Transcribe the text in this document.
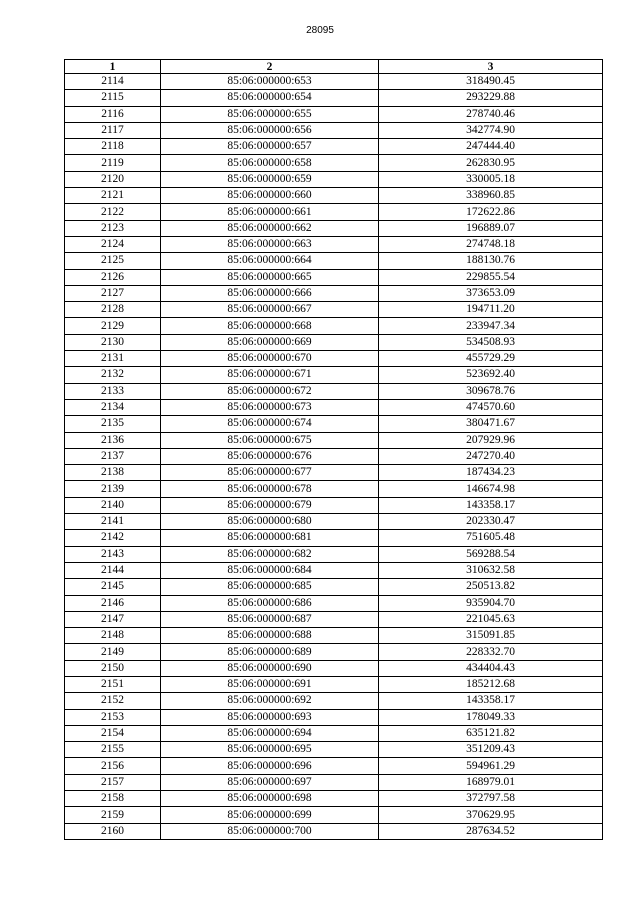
28095
1	2	3
2114	85:06:000000:653	318490.45
2115	85:06:000000:654	293229.88
2116	85:06:000000:655	278740.46
2117	85:06:000000:656	342774.90
2118	85:06:000000:657	247444.40
2119	85:06:000000:658	262830.95
2120	85:06:000000:659	330005.18
2121	85:06:000000:660	338960.85
2122	85:06:000000:661	172622.86
2123	85:06:000000:662	196889.07
2124	85:06:000000:663	274748.18
2125	85:06:000000:664	188130.76
2126	85:06:000000:665	229855.54
2127	85:06:000000:666	373653.09
2128	85:06:000000:667	194711.20
2129	85:06:000000:668	233947.34
2130	85:06:000000:669	534508.93
2131	85:06:000000:670	455729.29
2132	85:06:000000:671	523692.40
2133	85:06:000000:672	309678.76
2134	85:06:000000:673	474570.60
2135	85:06:000000:674	380471.67
2136	85:06:000000:675	207929.96
2137	85:06:000000:676	247270.40
2138	85:06:000000:677	187434.23
2139	85:06:000000:678	146674.98
2140	85:06:000000:679	143358.17
2141	85:06:000000:680	202330.47
2142	85:06:000000:681	751605.48
2143	85:06:000000:682	569288.54
2144	85:06:000000:684	310632.58
2145	85:06:000000:685	250513.82
2146	85:06:000000:686	935904.70
2147	85:06:000000:687	221045.63
2148	85:06:000000:688	315091.85
2149	85:06:000000:689	228332.70
2150	85:06:000000:690	434404.43
2151	85:06:000000:691	185212.68
2152	85:06:000000:692	143358.17
2153	85:06:000000:693	178049.33
2154	85:06:000000:694	635121.82
2155	85:06:000000:695	351209.43
2156	85:06:000000:696	594961.29
2157	85:06:000000:697	168979.01
2158	85:06:000000:698	372797.58
2159	85:06:000000:699	370629.95
2160	85:06:000000:700	287634.52
